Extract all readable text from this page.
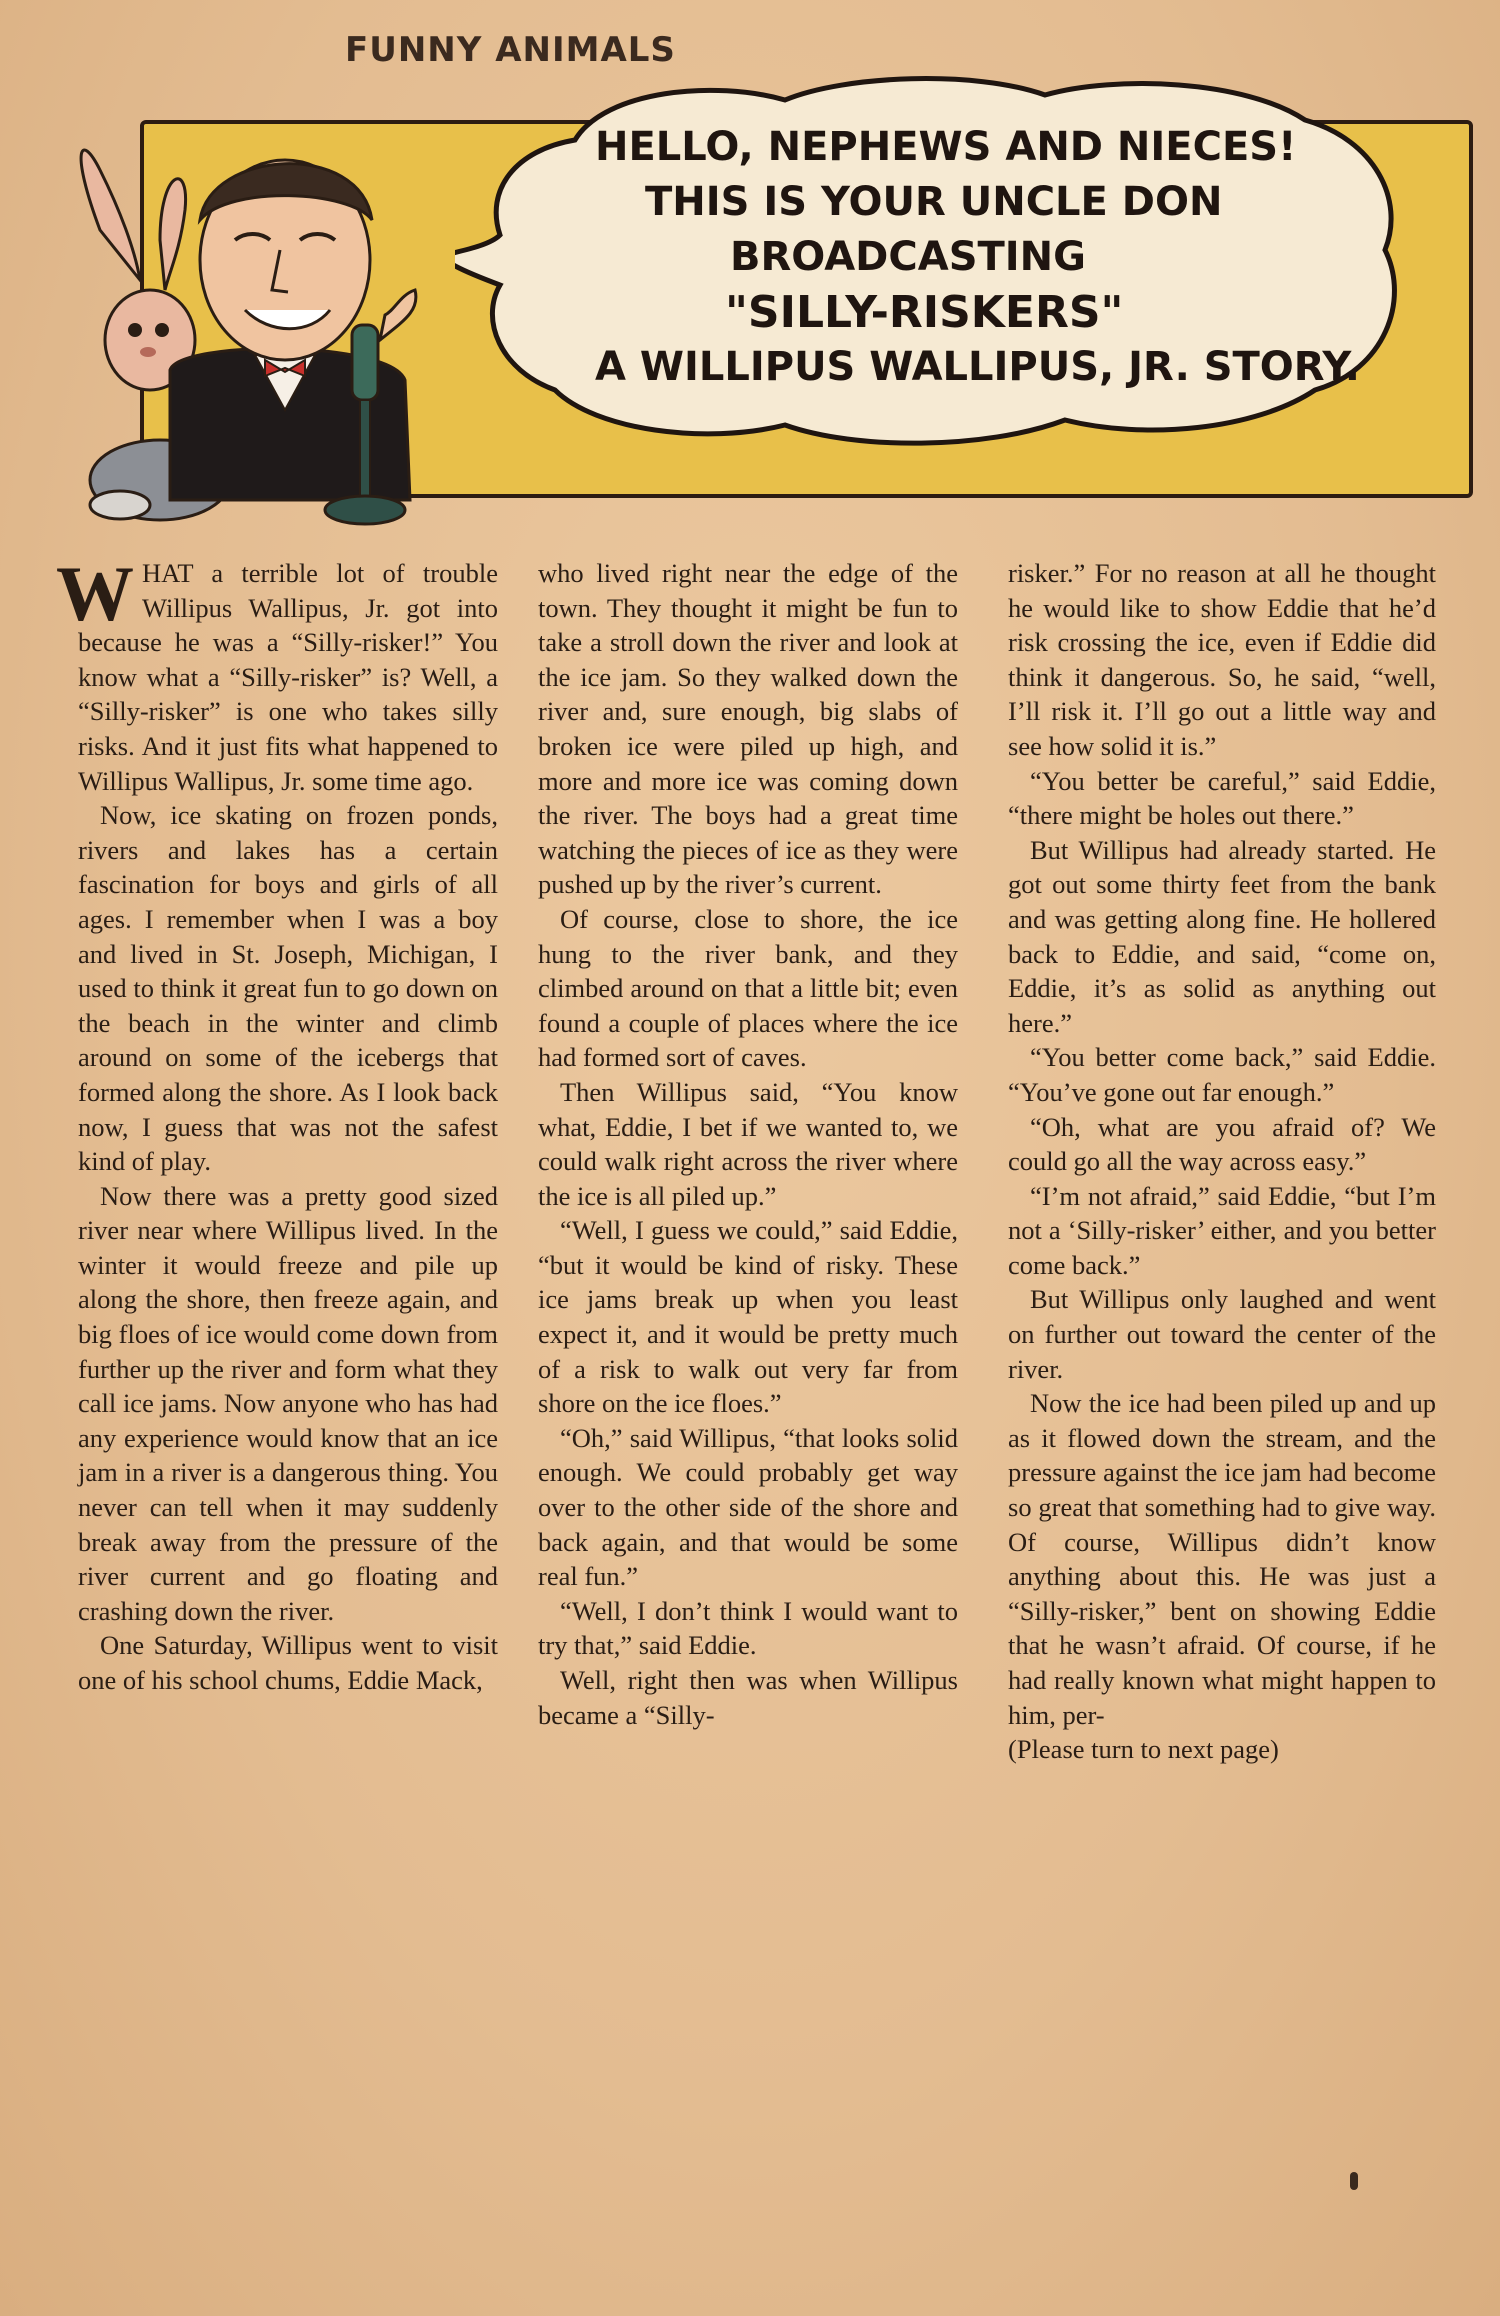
FUNNY ANIMALS
HELLO, NEPHEWS AND NIECES!
THIS IS YOUR UNCLE DON
BROADCASTING
"SILLY-RISKERS"
A WILLIPUS WALLIPUS, JR. STORY.

WHAT a terrible lot of trouble Willipus Wallipus, Jr. got into because he was a “Silly-risker!” You know what a “Silly-risker” is? Well, a “Silly-risker” is one who takes silly risks. And it just fits what happened to Willipus Wallipus, Jr. some time ago.

Now, ice skating on frozen ponds, rivers and lakes has a certain fascination for boys and girls of all ages. I remember when I was a boy and lived in St. Joseph, Michigan, I used to think it great fun to go down on the beach in the winter and climb around on some of the icebergs that formed along the shore. As I look back now, I guess that was not the safest kind of play.

Now there was a pretty good sized river near where Willipus lived. In the winter it would freeze and pile up along the shore, then freeze again, and big floes of ice would come down from further up the river and form what they call ice jams. Now anyone who has had any experience would know that an ice jam in a river is a dangerous thing. You never can tell when it may suddenly break away from the pressure of the river current and go floating and crashing down the river.

One Saturday, Willipus went to visit one of his school chums, Eddie Mack,

who lived right near the edge of the town. They thought it might be fun to take a stroll down the river and look at the ice jam. So they walked down the river and, sure enough, big slabs of broken ice were piled up high, and more and more ice was coming down the river. The boys had a great time watching the pieces of ice as they were pushed up by the river’s current.

Of course, close to shore, the ice hung to the river bank, and they climbed around on that a little bit; even found a couple of places where the ice had formed sort of caves.

Then Willipus said, “You know what, Eddie, I bet if we wanted to, we could walk right across the river where the ice is all piled up.”

“Well, I guess we could,” said Eddie, “but it would be kind of risky. These ice jams break up when you least expect it, and it would be pretty much of a risk to walk out very far from shore on the ice floes.”

“Oh,” said Willipus, “that looks solid enough. We could probably get way over to the other side of the shore and back again, and that would be some real fun.”

“Well, I don’t think I would want to try that,” said Eddie.

Well, right then was when Willipus became a “Silly-

risker.” For no reason at all he thought he would like to show Eddie that he’d risk crossing the ice, even if Eddie did think it dangerous. So, he said, “well, I’ll risk it. I’ll go out a little way and see how solid it is.”

“You better be careful,” said Eddie, “there might be holes out there.”

But Willipus had already started. He got out some thirty feet from the bank and was getting along fine. He hollered back to Eddie, and said, “come on, Eddie, it’s as solid as anything out here.”

“You better come back,” said Eddie. “You’ve gone out far enough.”

“Oh, what are you afraid of? We could go all the way across easy.”

“I’m not afraid,” said Eddie, “but I’m not a ‘Silly-risker’ either, and you better come back.”

But Willipus only laughed and went on further out toward the center of the river.

Now the ice had been piled up and up as it flowed down the stream, and the pressure against the ice jam had become so great that something had to give way. Of course, Willipus didn’t know anything about this. He was just a “Silly-risker,” bent on showing Eddie that he wasn’t afraid. Of course, if he had really known what might happen to him, per-

(Please turn to next page)
